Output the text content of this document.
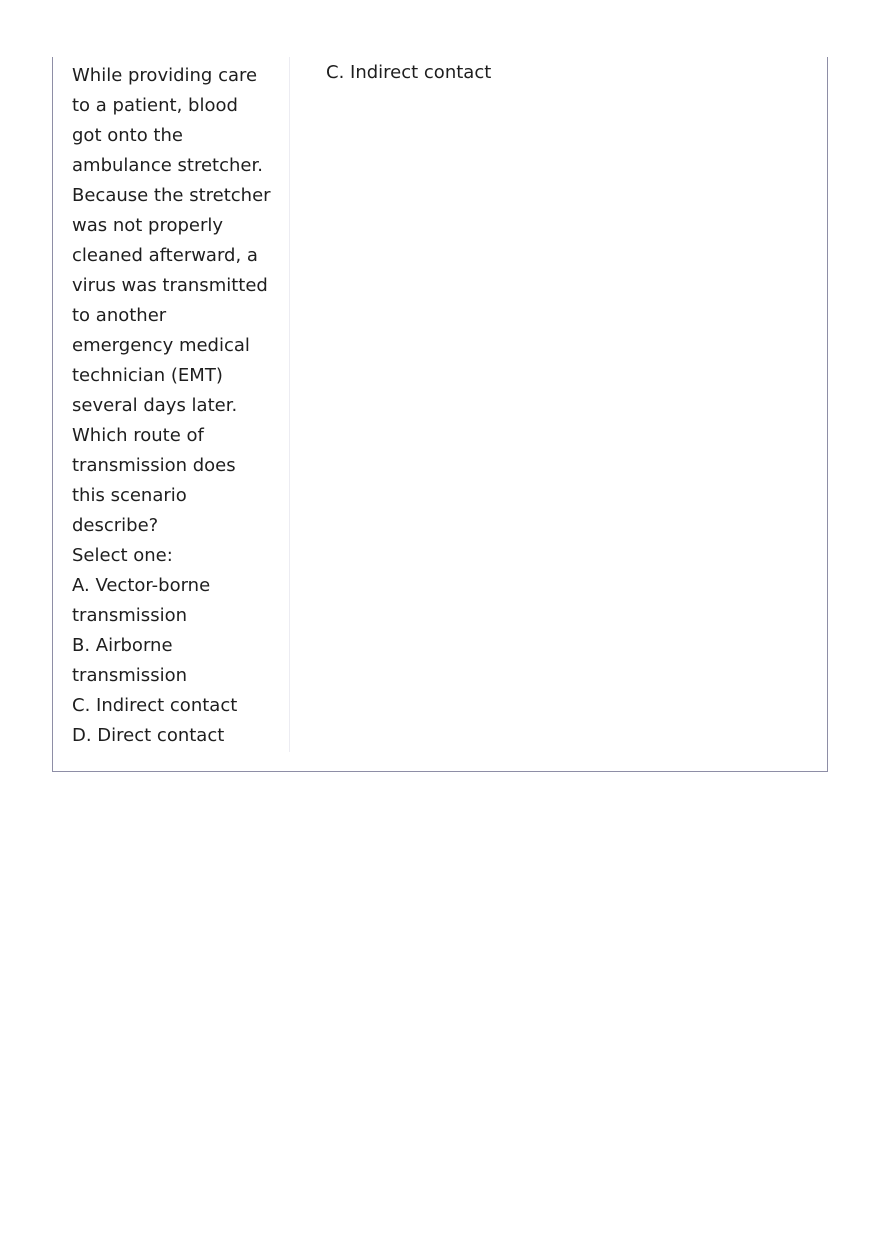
While providing care to a patient, blood got onto the ambulance stretcher. Because the stretcher was not properly cleaned afterward, a virus was transmitted to another emergency medical technician (EMT) several days later. Which route of transmission does this scenario describe?
Select one:
A. Vector-borne transmission
B. Airborne transmission
C. Indirect contact
D. Direct contact
C. Indirect contact
